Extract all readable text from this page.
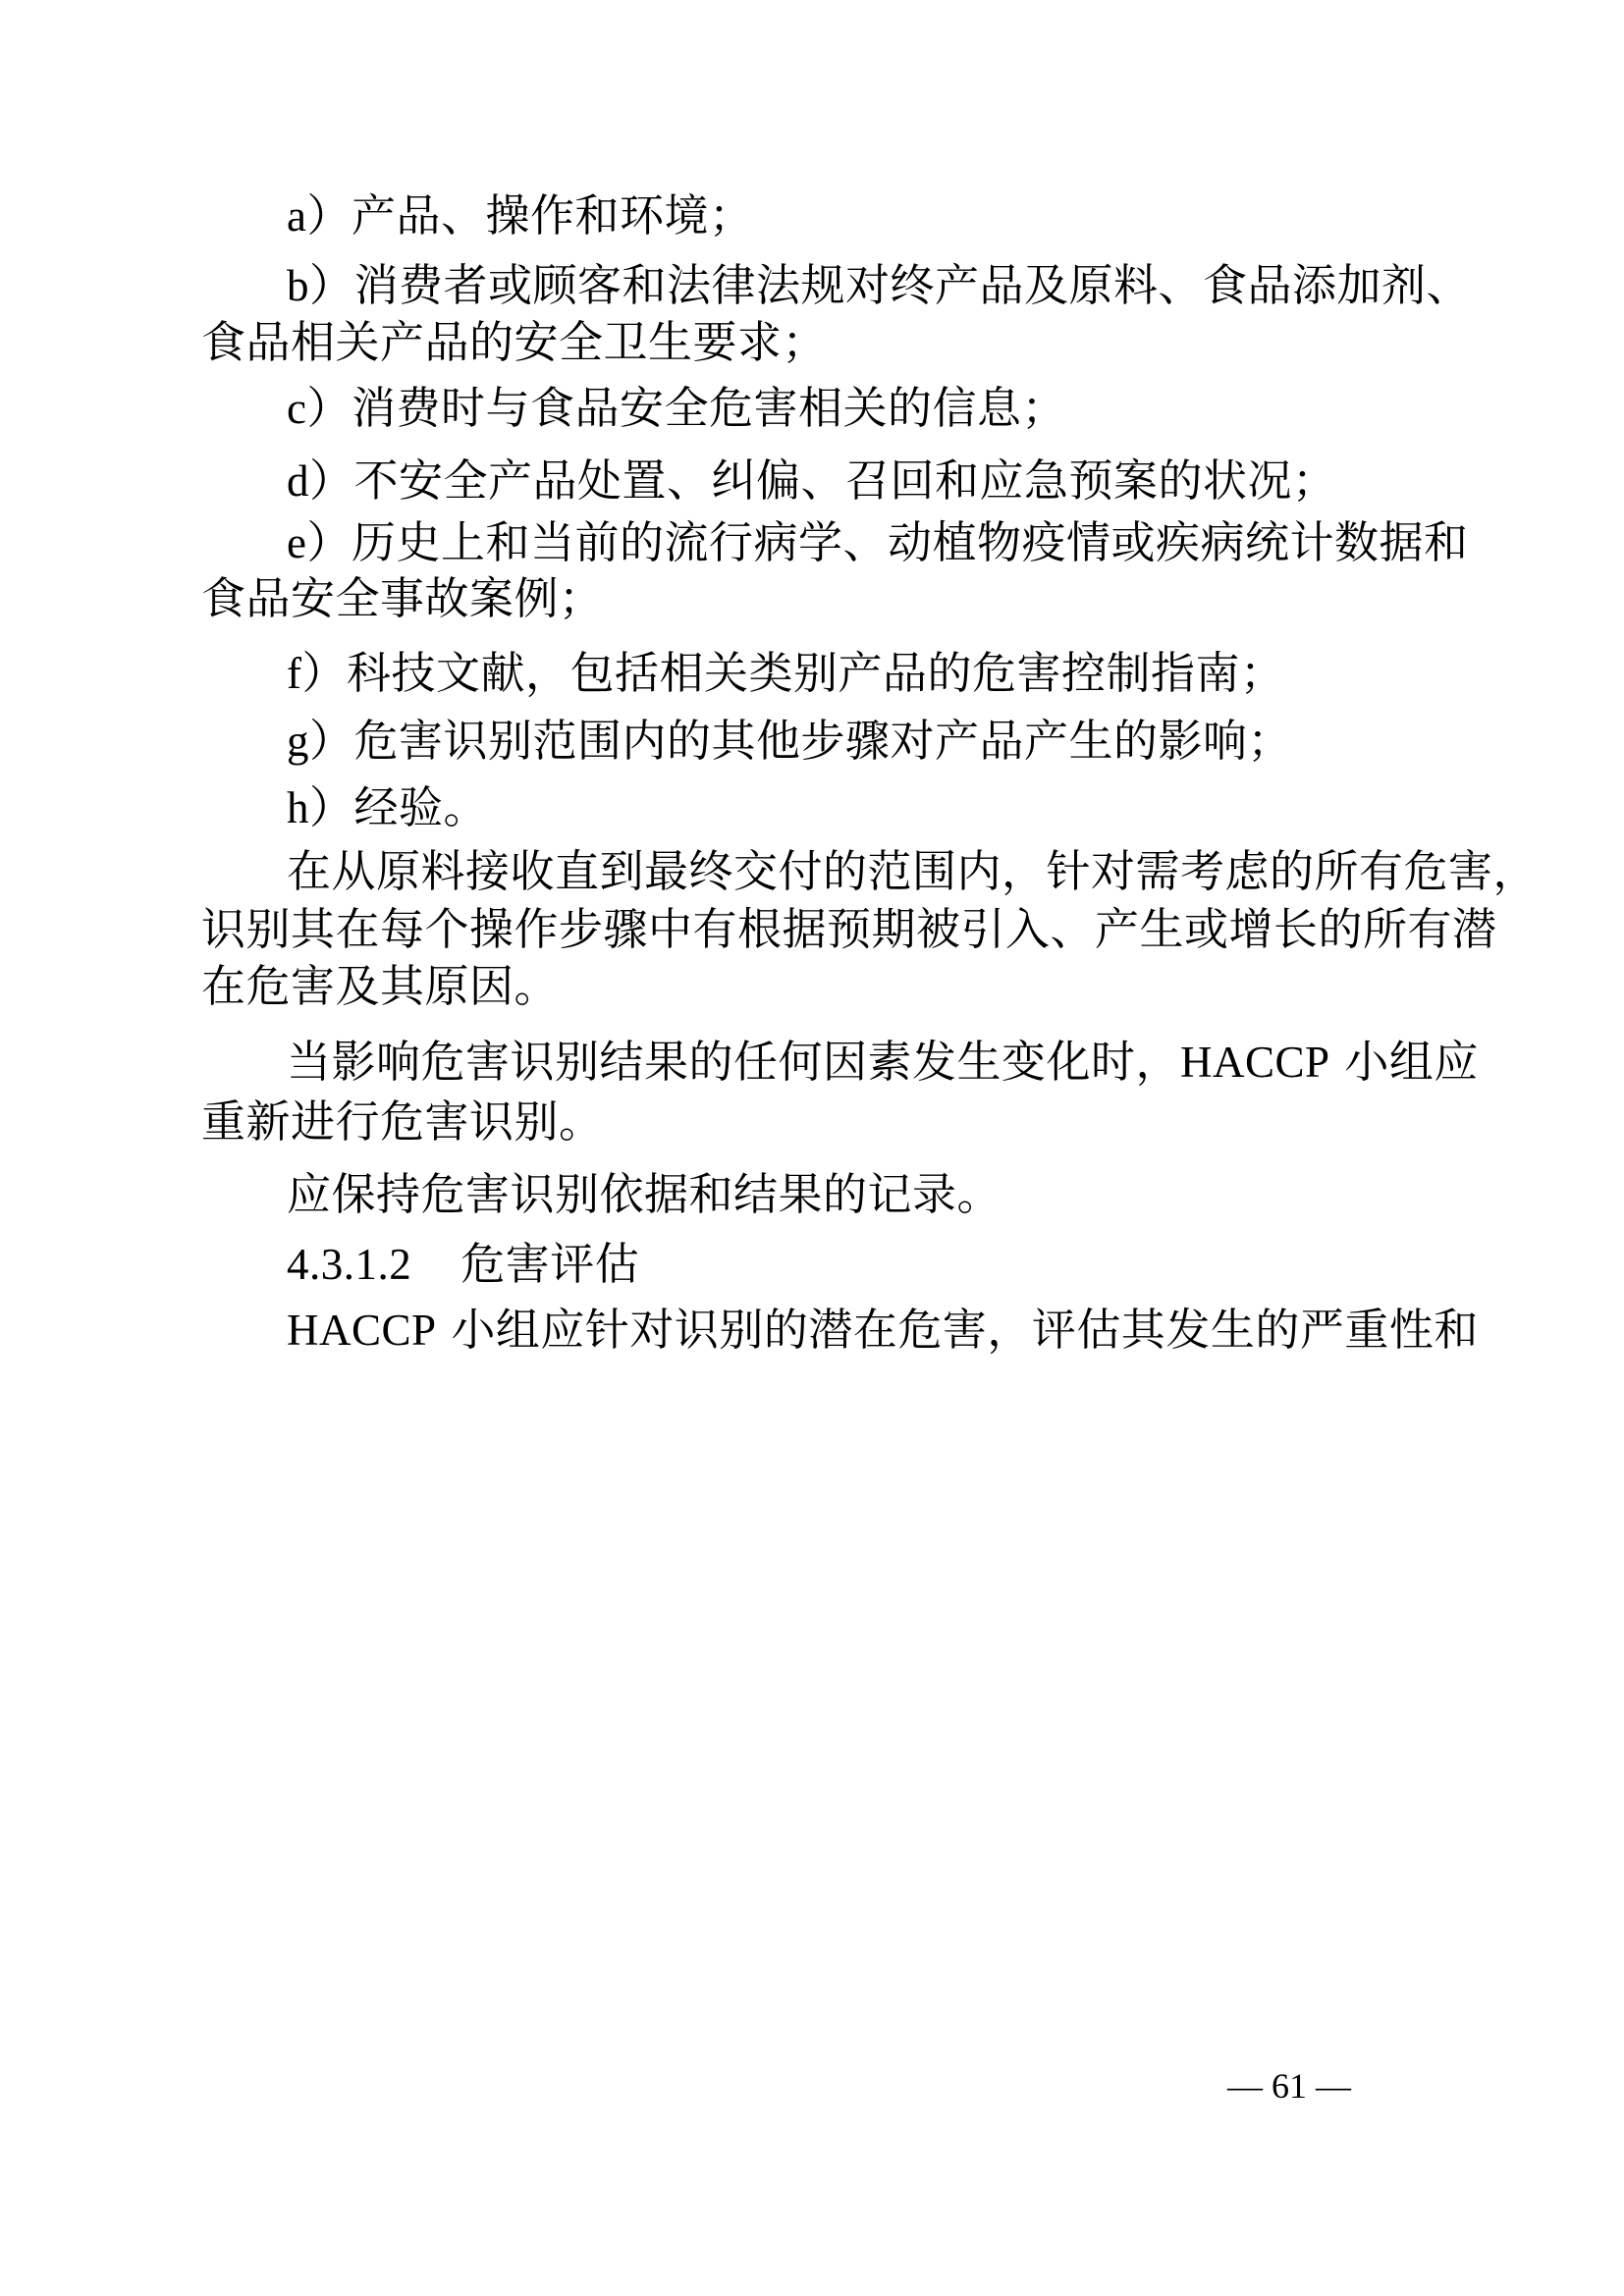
a）产品、操作和环境；
b）消费者或顾客和法律法规对终产品及原料、食品添加剂、
食品相关产品的安全卫生要求；
c）消费时与食品安全危害相关的信息；
d）不安全产品处置、纠偏、召回和应急预案的状况；
e）历史上和当前的流行病学、动植物疫情或疾病统计数据和
食品安全事故案例；
f）科技文献，包括相关类别产品的危害控制指南；
g）危害识别范围内的其他步骤对产品产生的影响；
h）经验。
在从原料接收直到最终交付的范围内，针对需考虑的所有危害，
识别其在每个操作步骤中有根据预期被引入、产生或增长的所有潜
在危害及其原因。
当影响危害识别结果的任何因素发生变化时，HACCP 小组应
重新进行危害识别。
应保持危害识别依据和结果的记录。
4.3.1.2 危害评估
HACCP 小组应针对识别的潜在危害，评估其发生的严重性和
— 61 —
